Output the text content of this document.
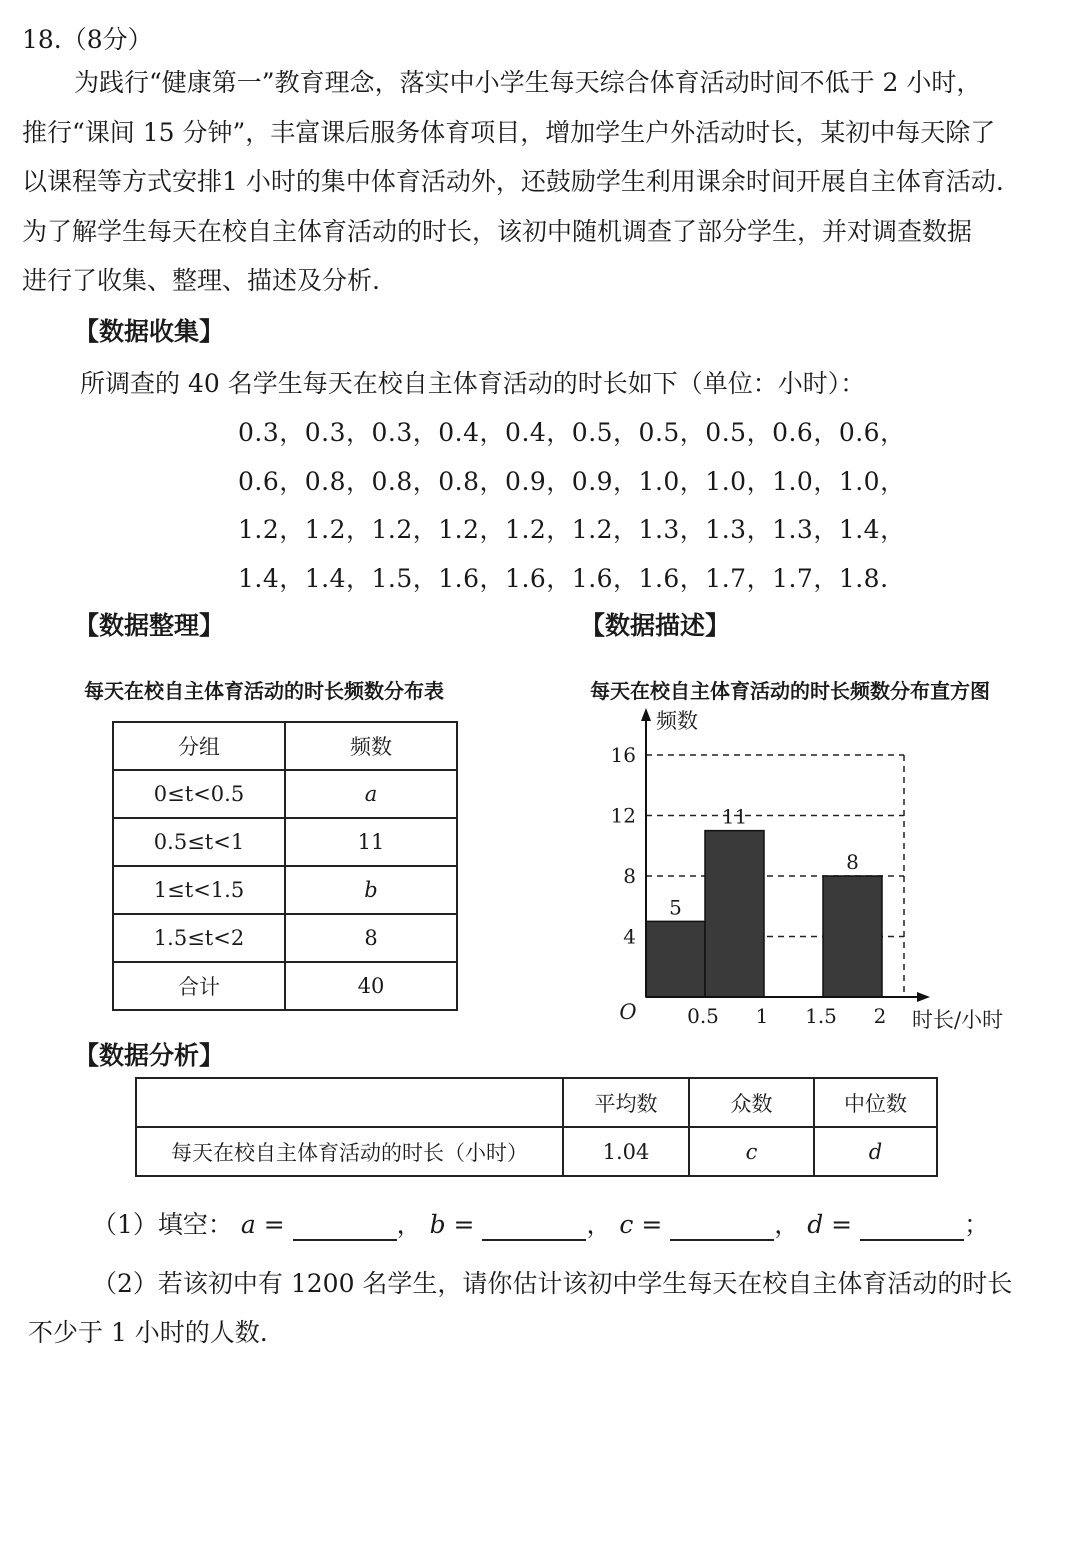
18.（8分）
为践行“健康第一”教育理念，落实中小学生每天综合体育活动时间不低于 2 小时，
推行“课间 15 分钟”，丰富课后服务体育项目，增加学生户外活动时长，某初中每天除了
以课程等方式安排1 小时的集中体育活动外，还鼓励学生利用课余时间开展自主体育活动.
为了解学生每天在校自主体育活动的时长，该初中随机调查了部分学生，并对调查数据
进行了收集、整理、描述及分析.
【数据收集】
所调查的 40 名学生每天在校自主体育活动的时长如下（单位：小时）：
0.3，0.3，0.3，0.4，0.4，0.5，0.5，0.5，0.6，0.6，
0.6，0.8，0.8，0.8，0.9，0.9，1.0，1.0，1.0，1.0，
1.2，1.2，1.2，1.2，1.2，1.2，1.3，1.3，1.3，1.4，
1.4，1.4，1.5，1.6，1.6，1.6，1.6，1.7，1.7，1.8.
【数据整理】	【数据描述】
每天在校自主体育活动的时长频数分布表	每天在校自主体育活动的时长频数分布直方图
分组	频数
0≤t<0.5	a
0.5≤t<1	11
1≤t<1.5	b
1.5≤t<2	8
合计	40
5
11
8
4
8
12
16
0.5 1 1.5 2
O
频数
时长/小时
【数据分析】
	平均数	众数	中位数
每天在校自主体育活动的时长（小时）	1.04	c	d
（1）填空： a =	， b =	， c =	， d =	；
（2）若该初中有 1200 名学生，请你估计该初中学生每天在校自主体育活动的时长
不少于 1 小时的人数.
